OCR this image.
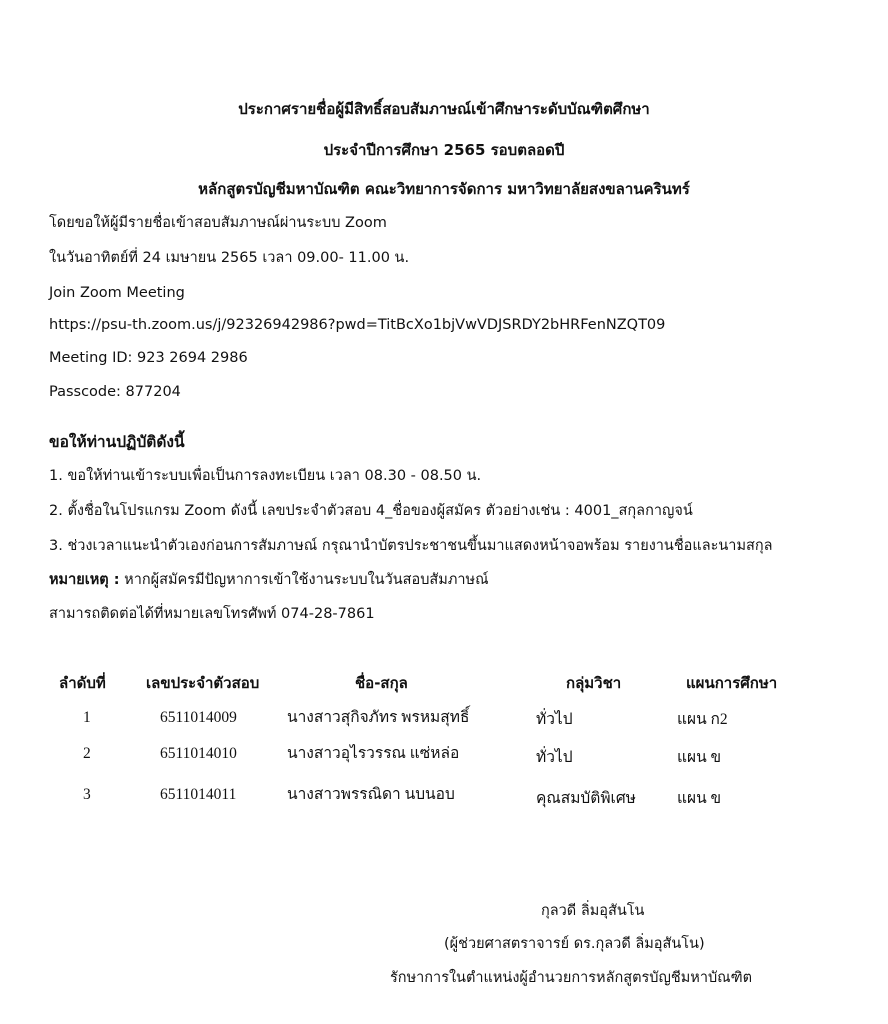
ประกาศรายชื่อผู้มีสิทธิ์สอบสัมภาษณ์เข้าศึกษาระดับบัณฑิตศึกษา
ประจำปีการศึกษา 2565 รอบตลอดปี
หลักสูตรบัญชีมหาบัณฑิต คณะวิทยาการจัดการ มหาวิทยาลัยสงขลานครินทร์
โดยขอให้ผู้มีรายชื่อเข้าสอบสัมภาษณ์ผ่านระบบ Zoom
ในวันอาทิตย์ที่ 24 เมษายน 2565 เวลา 09.00- 11.00 น.
Join Zoom Meeting
https://psu-th.zoom.us/j/92326942986?pwd=TitBcXo1bjVwVDJSRDY2bHRFenNZQT09
Meeting ID: 923 2694 2986
Passcode: 877204
ขอให้ท่านปฏิบัติดังนี้
1. ขอให้ท่านเข้าระบบเพื่อเป็นการลงทะเบียน เวลา 08.30 - 08.50 น.
2. ตั้งชื่อในโปรแกรม Zoom ดังนี้ เลขประจำตัวสอบ 4_ชื่อของผู้สมัคร ตัวอย่างเช่น : 4001_สกุลกาญจน์
3. ช่วงเวลาแนะนำตัวเองก่อนการสัมภาษณ์ กรุณานำบัตรประชาชนขึ้นมาแสดงหน้าจอพร้อม รายงานชื่อและนามสกุล
หมายเหตุ : หากผู้สมัครมีปัญหาการเข้าใช้งานระบบในวันสอบสัมภาษณ์
สามารถติดต่อได้ที่หมายเลขโทรศัพท์ 074-28-7861
ลำดับที่	เลขประจำตัวสอบ	ชื่อ-สกุล	กลุ่มวิชา	แผนการศึกษา
1	6511014009	นางสาวสุกิจภัทร พรหมสุทธิ์	ทั่วไป	แผน ก2
2	6511014010	นางสาวอุไรวรรณ แซ่หล่อ	ทั่วไป	แผน ข
3	6511014011	นางสาวพรรณิดา นบนอบ	คุณสมบัติพิเศษ	แผน ข
กุลวดี ลิ่มอุสันโน
(ผู้ช่วยศาสตราจารย์ ดร.กุลวดี ลิ่มอุสันโน)
รักษาการในตำแหน่งผู้อำนวยการหลักสูตรบัญชีมหาบัณฑิต
